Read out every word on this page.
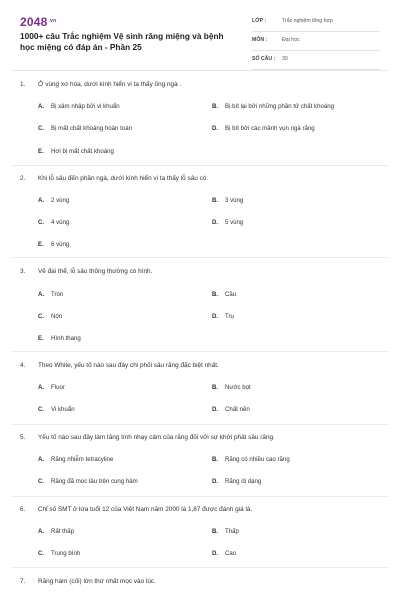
$2048^{.vn}$
1000+ câu Trắc nghiệm Vệ sinh răng miệng và bệnh học miệng có đáp án - Phần 25
LỚP :	Trắc nghiệm tổng hợp
MÔN :	Đại học
SỐ CÂU : 30
1. Ở vùng xơ hóa, dưới kính hiển vi ta thấy ống ngà .
A. Bị xâm nhập bởi vi khuẩn	B. Bị bít lại bởi những phần tử chất khoáng
C. Bị mất chất khoáng hoàn toàn	D. Bị bít bởi các mảnh vụn ngà răng
E. Hơi bị mất chất khoáng
2. Khi lỗ sâu đến phần ngà, dưới kính hiển vi ta thấy lỗ sâu có.
A. 2 vùng	B. 3 vùng
C. 4 vùng	D. 5 vùng
E. 6 vùng
3. Về đại thể, lỗ sâu thông thường có hình.
A. Tròn	B. Cầu
C. Nón	D. Trụ
E. Hình thang
4. Theo White, yếu tố nào sau đây chi phối sâu răng đặc biệt nhất.
A. Fluor	B. Nước bọt
C. Vi khuẩn	D. Chất nền
5. Yếu tố nào sau đây làm tăng tính nhạy cảm của răng đối với sự khởi phát sâu răng.
A. Răng nhiễm tetracyline	B. Răng có nhiều cao răng
C. Răng đã mọc lâu trên cung hàm	D. Răng dị dạng
6. Chỉ số SMT ở lứa tuổi 12 của Việt Nam năm 2000 là 1,87 được đánh giá là.
A. Rất thấp	B. Thấp
C. Trung bình	D. Cao
7. Răng hàm (cối) lớn thứ nhất mọc vào lúc.
